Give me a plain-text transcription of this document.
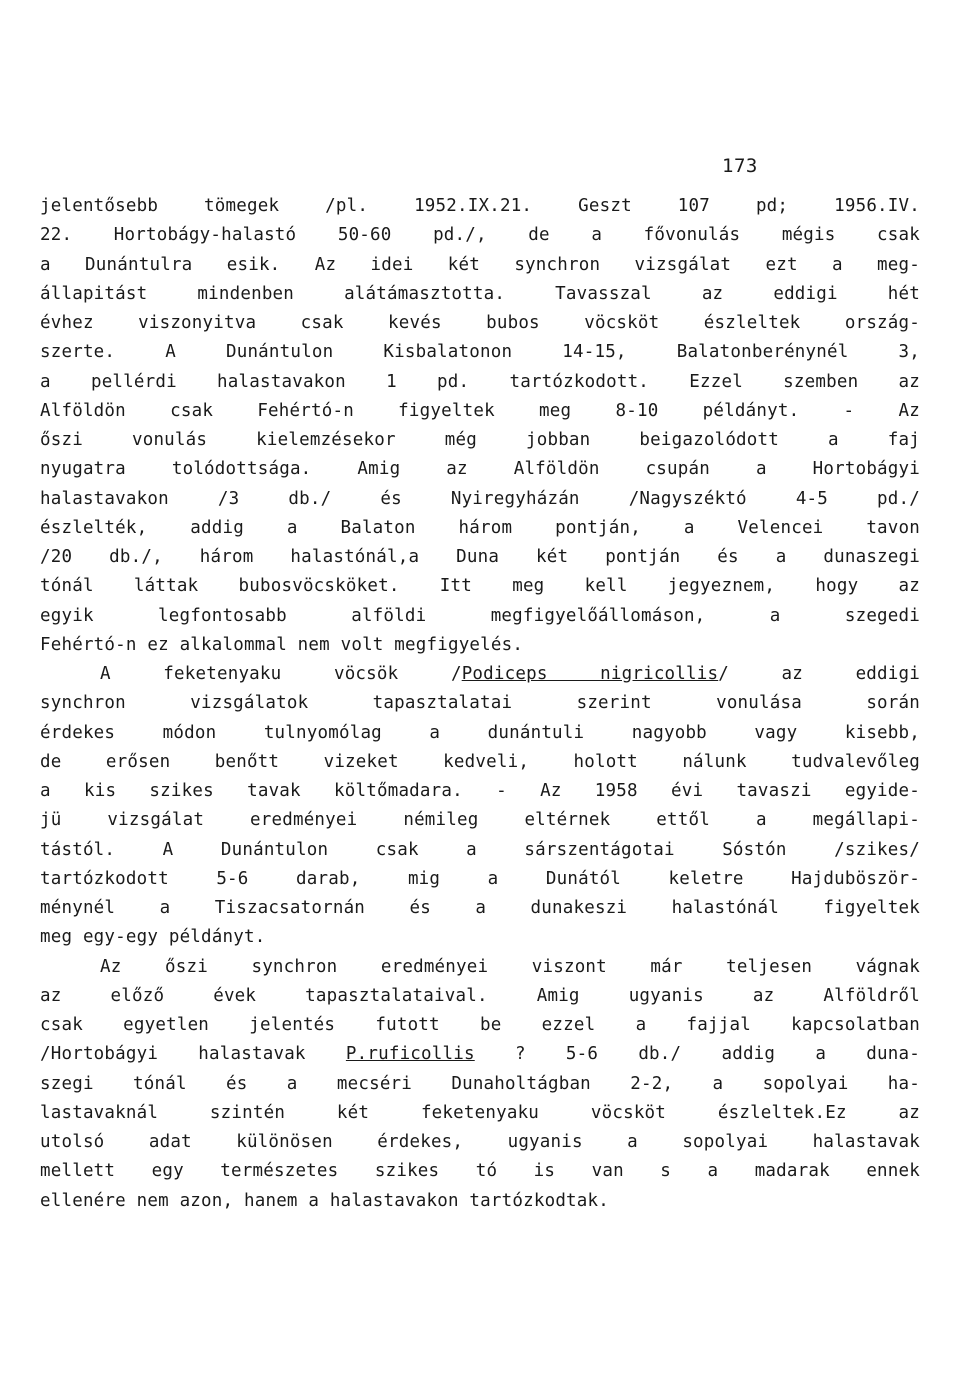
173
jelentősebb tömegek /pl. 1952.IX.21. Geszt 107 pd; 1956.IV.
22. Hortobágy-halastó 50-60 pd./, de a fővonulás mégis csak
a Dunántulra esik. Az idei két synchron vizsgálat ezt a meg-
állapitást mindenben alátámasztotta. Tavasszal az eddigi hét
évhez viszonyitva csak kevés bubos vöcsköt észleltek ország-
szerte. A Dunántulon Kisbalatonon 14-15, Balatonberénynél 3,
a pellérdi halastavakon 1 pd. tartózkodott. Ezzel szemben az
Alföldön csak Fehértó-n figyeltek meg 8-10 példányt. - Az
őszi vonulás kielemzésekor még jobban beigazolódott a faj
nyugatra tolódottsága. Amig az Alföldön csupán a Hortobágyi
halastavakon /3 db./ és Nyiregyházán /Nagyszéktó 4-5 pd./
észlelték, addig a Balaton három pontján, a Velencei tavon
/20 db./, három halastónál,a Duna két pontján és a dunaszegi
tónál láttak bubosvöcsköket. Itt meg kell jegyeznem, hogy az
egyik legfontosabb alföldi megfigyelőállomáson, a szegedi
Fehértó-n ez alkalommal nem volt megfigyelés.
A feketenyaku vöcsök /Podiceps nigricollis/ az eddigi
synchron vizsgálatok tapasztalatai szerint vonulása során
érdekes módon tulnyomólag a dunántuli nagyobb vagy kisebb,
de erősen benőtt vizeket kedveli, holott nálunk tudvalevőleg
a kis szikes tavak költőmadara. - Az 1958 évi tavaszi egyide-
jü vizsgálat eredményei némileg eltérnek ettől a megállapi-
tástól. A Dunántulon csak a sárszentágotai Sóstón /szikes/
tartózkodott 5-6 darab, mig a Dunától keletre Hajduböször-
ménynél a Tiszacsatornán és a dunakeszi halastónál figyeltek
meg egy-egy példányt.
Az őszi synchron eredményei viszont már teljesen vágnak
az előző évek tapasztalataival. Amig ugyanis az Alföldről
csak egyetlen jelentés futott be ezzel a fajjal kapcsolatban
/Hortobágyi halastavak P.ruficollis ? 5-6 db./ addig a duna-
szegi tónál és a mecséri Dunaholtágban 2-2, a sopolyai ha-
lastavaknál szintén két feketenyaku vöcsköt észleltek.Ez az
utolsó adat különösen érdekes, ugyanis a sopolyai halastavak
mellett egy természetes szikes tó is van s a madarak ennek
ellenére nem azon, hanem a halastavakon tartózkodtak.
